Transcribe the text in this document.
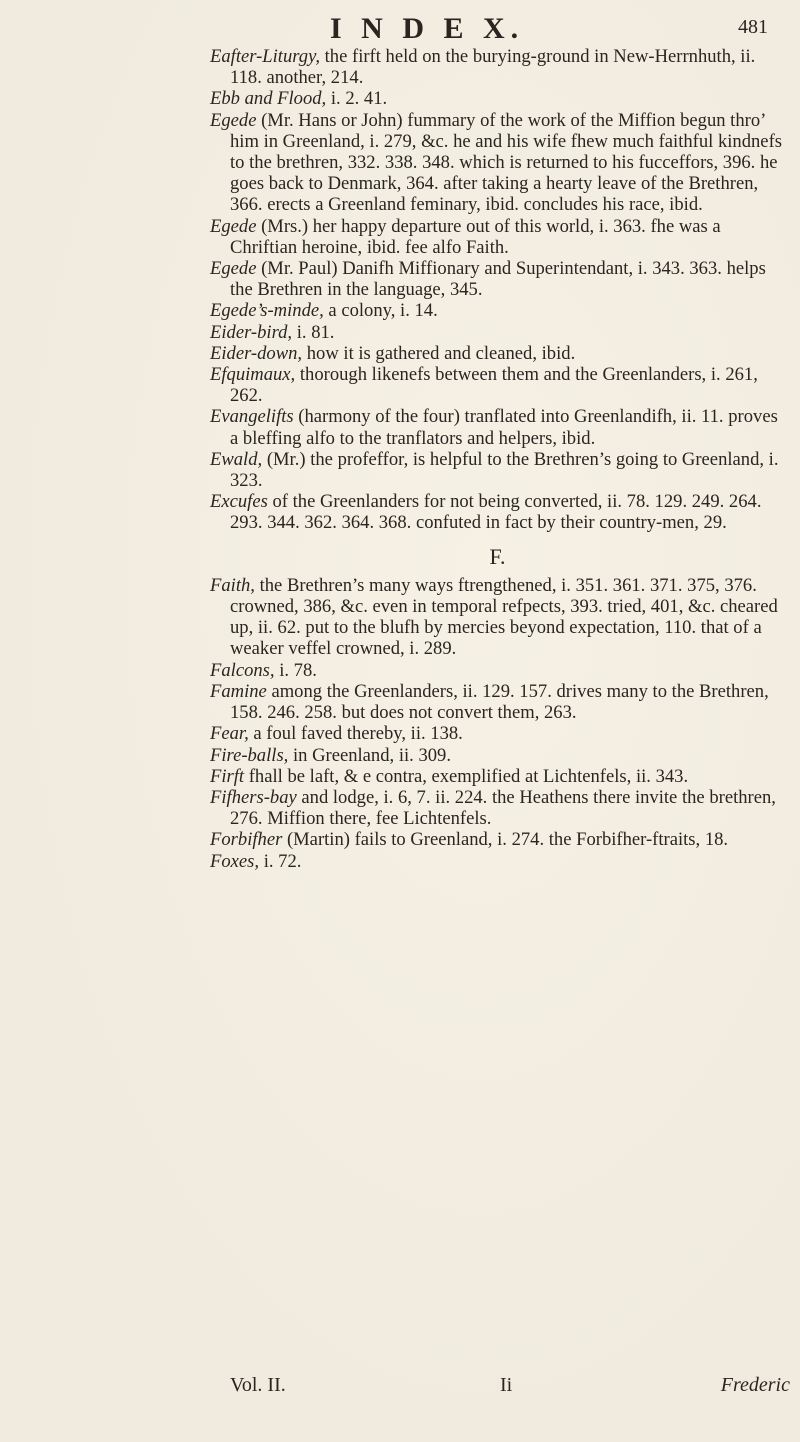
I N D E X.	481

Eafter-Liturgy, the firft held on the burying-ground in New-Herrnhuth, ii. 118. another, 214.

Ebb and Flood, i. 2. 41.

Egede (Mr. Hans or John) fummary of the work of the Miffion begun thro’ him in Greenland, i. 279, &c. he and his wife fhew much faithful kindnefs to the brethren, 332. 338. 348. which is returned to his fucceffors, 396. he goes back to Denmark, 364. after taking a hearty leave of the Brethren, 366. erects a Greenland feminary, ibid. concludes his race, ibid.

Egede (Mrs.) her happy departure out of this world, i. 363. fhe was a Chriftian heroine, ibid. fee alfo Faith.

Egede (Mr. Paul) Danifh Miffionary and Superintendant, i. 343. 363. helps the Brethren in the language, 345.

Egede’s-minde, a colony, i. 14.

Eider-bird, i. 81.

Eider-down, how it is gathered and cleaned, ibid.

Efquimaux, thorough likenefs between them and the Greenlanders, i. 261, 262.

Evangelifts (harmony of the four) tranflated into Greenlandifh, ii. 11. proves a bleffing alfo to the tranflators and helpers, ibid.

Ewald, (Mr.) the profeffor, is helpful to the Brethren’s going to Greenland, i. 323.

Excufes of the Greenlanders for not being converted, ii. 78. 129. 249. 264. 293. 344. 362. 364. 368. confuted in fact by their country-men, 29.

F.

Faith, the Brethren’s many ways ftrengthened, i. 351. 361. 371. 375, 376. crowned, 386, &c. even in temporal refpects, 393. tried, 401, &c. cheared up, ii. 62. put to the blufh by mercies beyond expectation, 110. that of a weaker veffel crowned, i. 289.

Falcons, i. 78.

Famine among the Greenlanders, ii. 129. 157. drives many to the Brethren, 158. 246. 258. but does not convert them, 263.

Fear, a foul faved thereby, ii. 138.

Fire-balls, in Greenland, ii. 309.

Firft fhall be laft, & e contra, exemplified at Lichtenfels, ii. 343.

Fifhers-bay and lodge, i. 6, 7. ii. 224. the Heathens there invite the brethren, 276. Miffion there, fee Lichtenfels.

Forbifher (Martin) fails to Greenland, i. 274. the Forbifher-ftraits, 18.

Foxes, i. 72.

Vol. II.	Ii	Frederic
